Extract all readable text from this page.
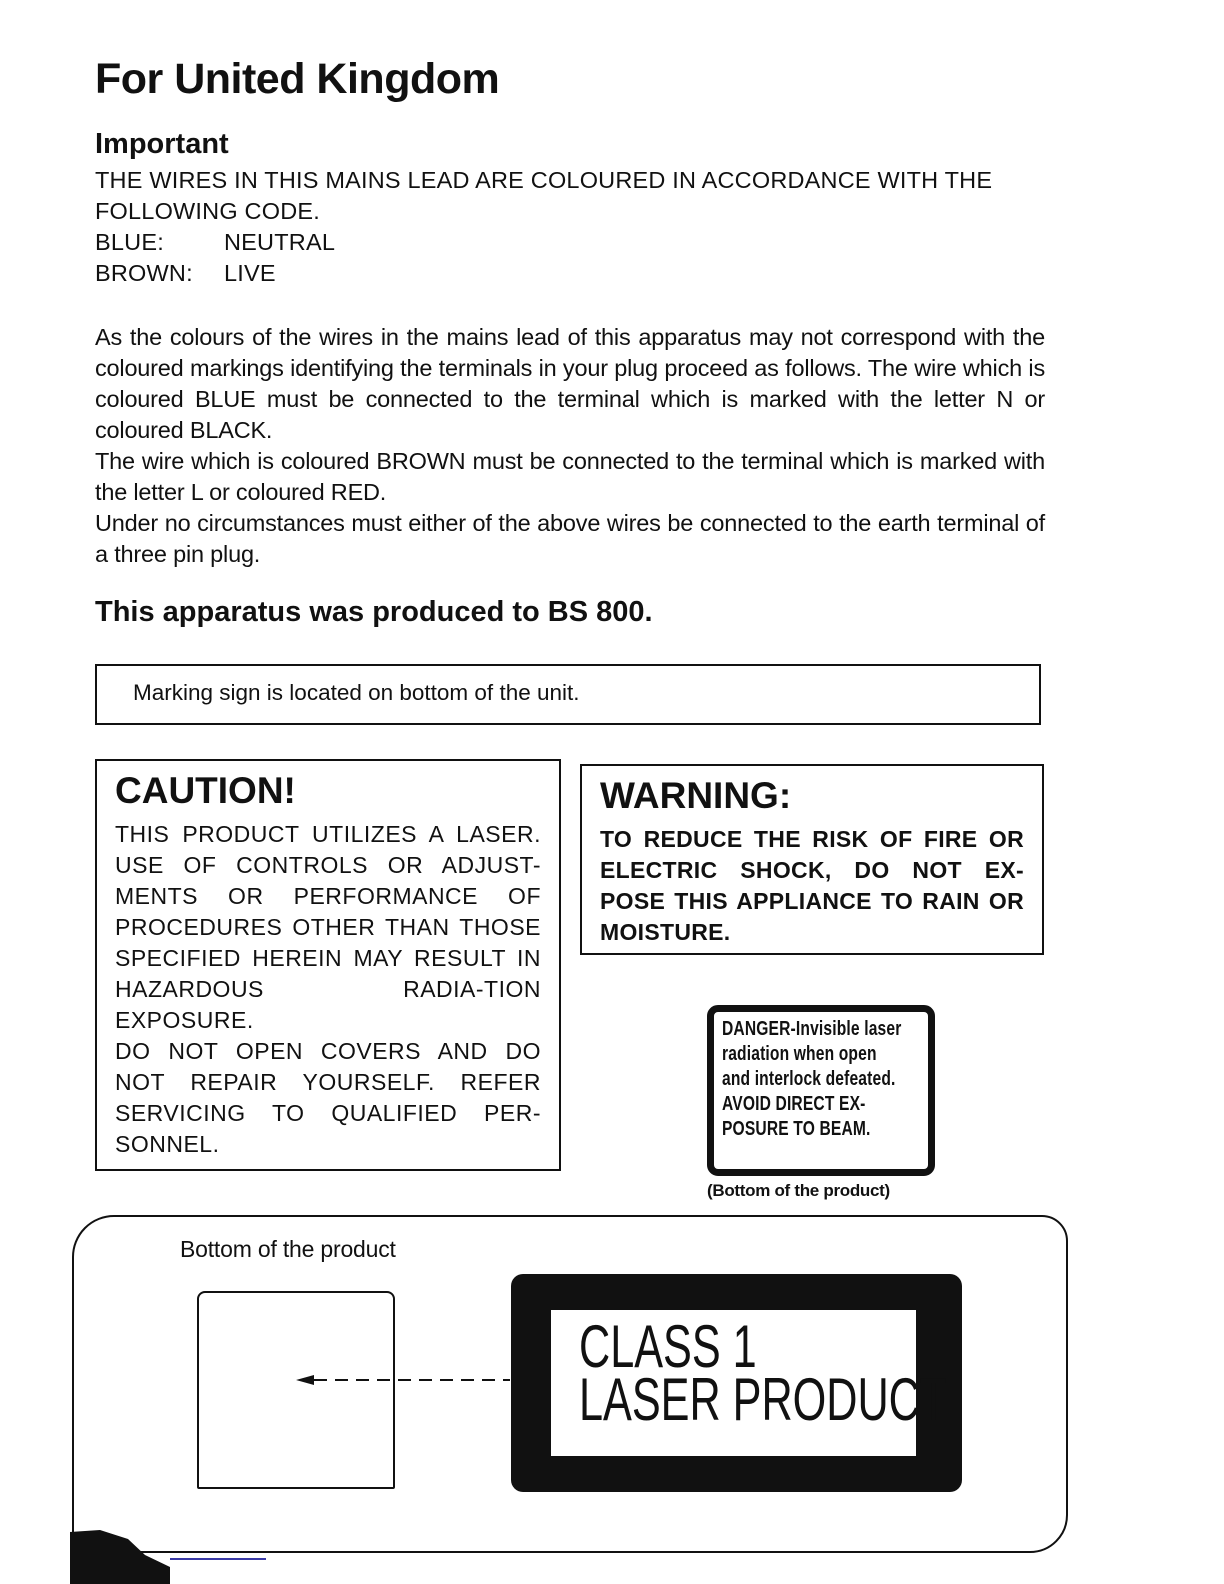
For United Kingdom
Important
THE WIRES IN THIS MAINS LEAD ARE COLOURED IN ACCORDANCE WITH THE
FOLLOWING CODE.
BLUE:	NEUTRAL
BROWN:	LIVE

As the colours of the wires in the mains lead of this apparatus may not correspond with the coloured markings identifying the terminals in your plug proceed as follows. The wire which is coloured BLUE must be connected to the terminal which is marked with the letter N or coloured BLACK.

The wire which is coloured BROWN must be connected to the terminal which is marked with the letter L or coloured RED.

Under no circumstances must either of the above wires be connected to the earth terminal of a three pin plug.

This apparatus was produced to BS 800.
Marking sign is located on bottom of the unit.
CAUTION!

THIS PRODUCT UTILIZES A LASER. USE OF CONTROLS OR ADJUST-MENTS OR PERFORMANCE OF PROCEDURES OTHER THAN THOSE SPECIFIED HEREIN MAY RESULT IN HAZARDOUS RADIA-TION EXPOSURE.

DO NOT OPEN COVERS AND DO NOT REPAIR YOURSELF. REFER SERVICING TO QUALIFIED PER-SONNEL.

WARNING:
TO REDUCE THE RISK OF FIRE OR ELECTRIC SHOCK, DO NOT EX-POSE THIS APPLIANCE TO RAIN OR MOISTURE.
DANGER-Invisible laser
radiation when open
and interlock defeated.
AVOID DIRECT EX-
POSURE TO BEAM.
(Bottom of the product)
Bottom of the product
CLASS 1
LASER PRODUCT
